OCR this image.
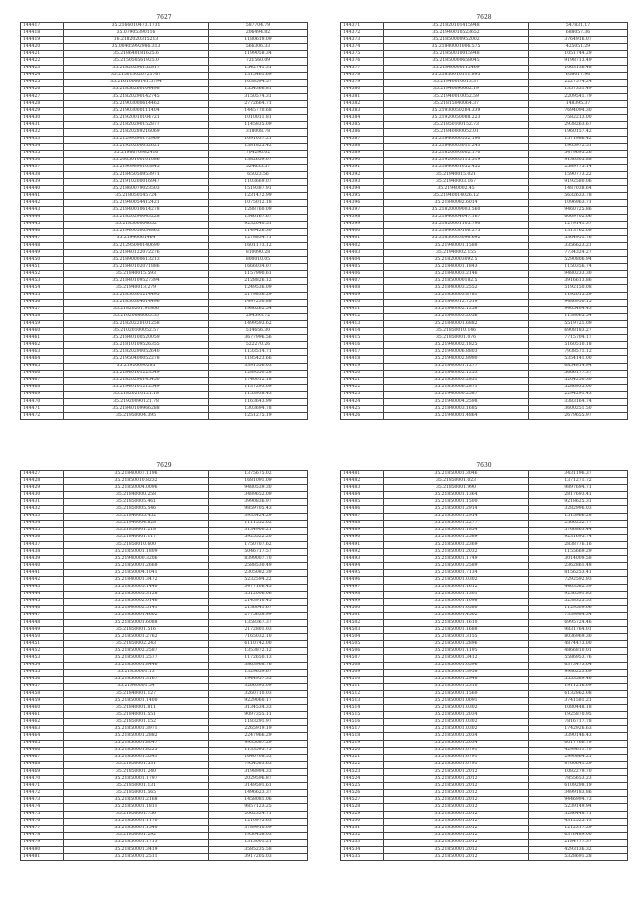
7627
144417	35.2166010473.1731	587704.79
144418	35.07905390116	206494.82
144419	16.2182020315213	1180619.09
144420	35.00405992986.313	566306.33
144421	35.218640181625.6	1199058.34
144422	35.215050561925.0	721560.09
144423	35.21820290152817	1542741.31
144424	35.215013020721767	1315461.69
144425	35.21610006141.5794	1038594.57
144426	35.21856260104498	1554366.81
144427	35.21820290142745	3150574.31
144428	35.21903000614462	2772664.71
144429	35.21903000111404	1445770.68
144430	35.21920010104721	1010011.81
144431	35.21820290152877	1145835.09
144432	35.21820289216069	318008.78
144433	35.21299390172969	1091037.21
144434	35.21920200052621	1381825.42
144435	35.2198670982416	704296.02
144436	35.20650100101086	1382659.07
144437	35.21909890103845	524655.57
144438	35.21845050953971	65023.56
144439	35.21910200016947	1103669.07
144440	35.21860079023503	1519387.91
144441	35.218050145724	1231472.99
144442	35.21940054412421	1075012.18
144443	35.21840010614278	1288760.09
144444	35.21820290043228	1346167.67
144445	35.218500004652	9232040.51
144446	35.21940050034865	1149426.30
144447	35.21940061464	1278834.71
144448	35.21295090140690	1601173.12
144449	35.21840122072276	810090.28
144450	35.21890000613213	800010.05
144451	35.21840102071886	1666034.07
144452	35.21840015.593	1157990.61
144453	35.21840109527394	2128826.12
144454	35.21940013.279	1249536.09
144455	35.21850301214495	2179836.29
144456	35.21850304014496	1497230.88
144457	35.21820201.91806	1986262.54
144458	35.21020086065.55	294593.72
144459	35.21820220101258	1499593.62
144460	35.21020100052.57	514656.30
144461	35.21840100520059	3677996.56
144462	35.21810109526355	522270.26
144463	35.21820290052640	1133514.71
144464	35.21950400052278	1185423.66
144465	35.21920090285	3391556.03
144466	35.21840101223549	1289550.28
144467	35.21820290145450	1740012.18
144468	35.21940101212549	1137293.09
144469	35.21820210121.18	1153938.43
144470	35.21920090121.78	1163643.99
144471	35.21840109966288	1303694.78
144472	35.21950004.395	1251275.19
7628
144371	35.21820101415948	547831.17
144372	35.21940010523652	688057.36
144373	35.21850000952002	3764916.07
144374	35.21840001006.575	425051.29
144375	35.21850010015948	1051744.29
144376	35.21850000658045	9198713.49
144377	35.21840000112469	1063136.48
144378	35.21850010111.895	658017.96
144379	35.21940010013.37	2227574.24
144380	35.21940090062.19	1357331.49
144381	35.21940010052.59	2209541.79
144382	35.21815040064.37	148395.37
144383	35.21930050284.339	7694094.30
144384	35.21920050088.223	7582213.00
144385	35.21850100152.73	2938263.67
144386	35.21840000052.01	1960157.42
144387	35.21840000532.190	1571986.42
144388	35.21840003011.243	1905972.51
144389	35.21820093002.170	5479695.26
144390	35.21920005115.519	9136305.88
144391	35.21840061052.452	2589775.14
144392	35.21940015.021	1590773.22
144393	35.21940003.167	9192580.06
144394	35.21940002.45	1487038.64
144395	35.21940014026.12	5632633.78
144396	35.21840082.6014	1096963.71
144397	35.21820009003.560	9460725.86
144398	35.21840004047.167	6069702.06
144399	35.21820001105.790	1279141.37
144400	35.21840050106.275	1313762.08
144401	35.21850003096.692	5364951.76
144402	35.21940001.1588	3356623.21
144403	35.21940002.155	7734324.27
144404	35.21820003092.5	5290806.94
144405	35.21840001.1843	1150356.74
144406	35.21840003.2146	9480233.30
144407	35.21850000182.5	3916613.86
144408	35.21840003.2552	5192150.08
144409	35.21850003.8781	1192015.29
144410	35.21840012.7519	9486950.15
144411	35.21840002.1258	9405404.43
144412	35.21840003.2056	1138065.54
144413	35.21840001.6882	5519721.09
144414	35.21850010.146	6908183.27
144415	35.21850001.076	7715704.17
144416	35.21940002.1825	5160510.18
144417	35.21940006.8803	7938571.12
144418	35.21940002.8990	5354141.00
144419	35.21840001.1277	6854814.94
144420	35.21840002.1253	5666177.37
144421	35.21850003.2851	5204250.30
144422	35.21850006.2871	5286935.00
144423	35.21940000.2587	2294291.43
144424	35.21940004.2598	3383164.74
144425	35.21840003.1685	3600251.50
144426	35.21940001.4864	2679655.97
7629
144427	35.21840007.1196	1375675.02
144428	35.21850010.8232	1681091.09
144429	35.21850004.0096	9480539.30
144430	35.21840000.258	3489652.09
144431	35.21850005.461	3990836.97
144432	35.21850005.546	9859705.43
144433	35.21840005.452	3933424.29
144434	35.21940004.828	1111552.02
144435	35.21850001.218	3134900.21
144436	35.21840001.117	5925522.20
144437	35.21850010.600	1750707.62
144438	35.21850001.1809	5046717.57
144439	35.21940000.3206	8399007.70
144440	35.21850001.2668	2588530.49
144441	35.21850004.1041	2305082.39
144442	35.21840001.3472	5232594.22
144443	35.21850005.1440	3477106.45
144444	35.21850005.3128	3512006.06
144445	35.21850002.0146	2143910.45
144446	35.21840002.5141	2136041.67
144447	35.21850001.4602	2775638.99
144448	35.21850001.6088	1358367.37
144449	35.21850001.516	2172801.03
144450	35.21850001.2762	7165032.10
144451	35.21850002.243	6110742.00
144452	35.21850002.2587	1353872.12
144453	35.21850001.2577	1172650.13
144454	35.21850001.8446	3863968.76
144455	35.21850001.13	1329659.67
144456	35.21850001.3167	1944957.35
144457	35.21840001.54	3266393.09
144458	35.21840001.127	3260710.03
144459	35.21850001.1400	9229060.17
144460	35.21840001.811	3134534.33
144461	35.21840001.551	9097355.11
144462	35.21850001.152	1183291.97
144463	35.21850001.3971	2265919.19
144464	35.21850001.2882	2247966.29
144465	35.21850001.8047	9935087.29
144466	35.21850001.8225	1133595.75
144467	35.21850001.5341	1640708.53
144468	35.21850001.531	7954583.63
144469	35.21850001.240	3198994.33
144470	35.21850001.1797	2029596.87
144471	35.21850001.131	3149591.61
144472	35.21850001.565	1496623.37
144473	35.21850001.2168	1458081.06
144474	35.21850001.1811	9857123.25
144475	35.21850001.756	2062324.71
144476	35.21850001.1170	1210975.63
144477	35.21850001.1540	3789910.09
144478	35.21850001.292	1950458.03
144479	35.21850001.1713	1313001.21
144480	35.21850001.3419	3585235.58
144481	35.21850001.2511	3917205.03
7630
144481	35.21850001.3046	3431196.37
144482	35.21850001.023	1371271.72
144483	35.21850001.990	9897694.71
144484	35.21850001.1364	2817693.41
144485	35.21850001.1500	9218625.31
144486	35.21850001.2914	3282996.03
144487	35.21850001.2914	1515966.28
144488	35.21850001.2277	2566252.77
144489	35.21850001.1854	5766863.44
144490	35.21850001.2589	9231695.74
144491	35.21850001.2369	2838776.16
144492	35.21850001.2032	1155669.29
144493	35.21850001.1749	3014009.58
144494	35.21850001.2589	2362861.48
144495	35.21850001.7134	8156253.41
144496	35.21850001.0302	7292592.93
144497	35.21850001.1612	4463582.39
144498	35.21850001.1301	9236591.83
144499	35.21850001.1098	5238325.53
144500	35.21850001.0580	1129509.06
144501	35.21850001.4502	7339984.34
144502	35.21850001.1610	6995724.46
144503	35.21850001.1688	9831764.01
144504	35.21850001.3155	8036969.30
144505	35.21850001.2896	4874473.00
144506	35.21850001.1195	4866810.01
144507	35.21850001.3412	5586953.76
144508	35.21850001.0596	6373473.04
144509	35.21850001.3958	9986223.69
144510	35.21850001.2948	5553589.46
144511	35.21850001.2310	1911216.09
144512	35.21850001.1560	6132862.08
144513	35.21850001.0091	3741581.21
144514	35.21850001.0302	1080448.18
144515	35.21850001.2034	1925870.95
144516	35.21850001.0302	7816717.78
144517	35.21850001.0302	1742926.63
144518	35.21850001.2034	3390146.43
144519	35.21850001.2034	6017766.79
144520	35.21850001.0791	4299611.70
144521	35.21850001.0791	2990864.21
144522	35.21850001.0791	8760641.29
144523	35.21850001.2012	1082279.70
144524	35.21850001.2012	7855653.23
144525	35.21850001.2012	6109298.19
144526	35.21850001.2012	3499183.86
144527	35.21850001.2012	9446994.73
144528	35.21850001.2012	5239149.94
144529	35.21850001.2012	5286448.71
144530	35.21850001.2012	4312525.13
144531	35.21850001.2012	1212317.29
144532	35.21850001.2012	6376489.00
144533	35.21850001.2012	2184777.37
144534	35.21850001.2012	4293136.32
144535	35.21850001.2012	5328691.28
